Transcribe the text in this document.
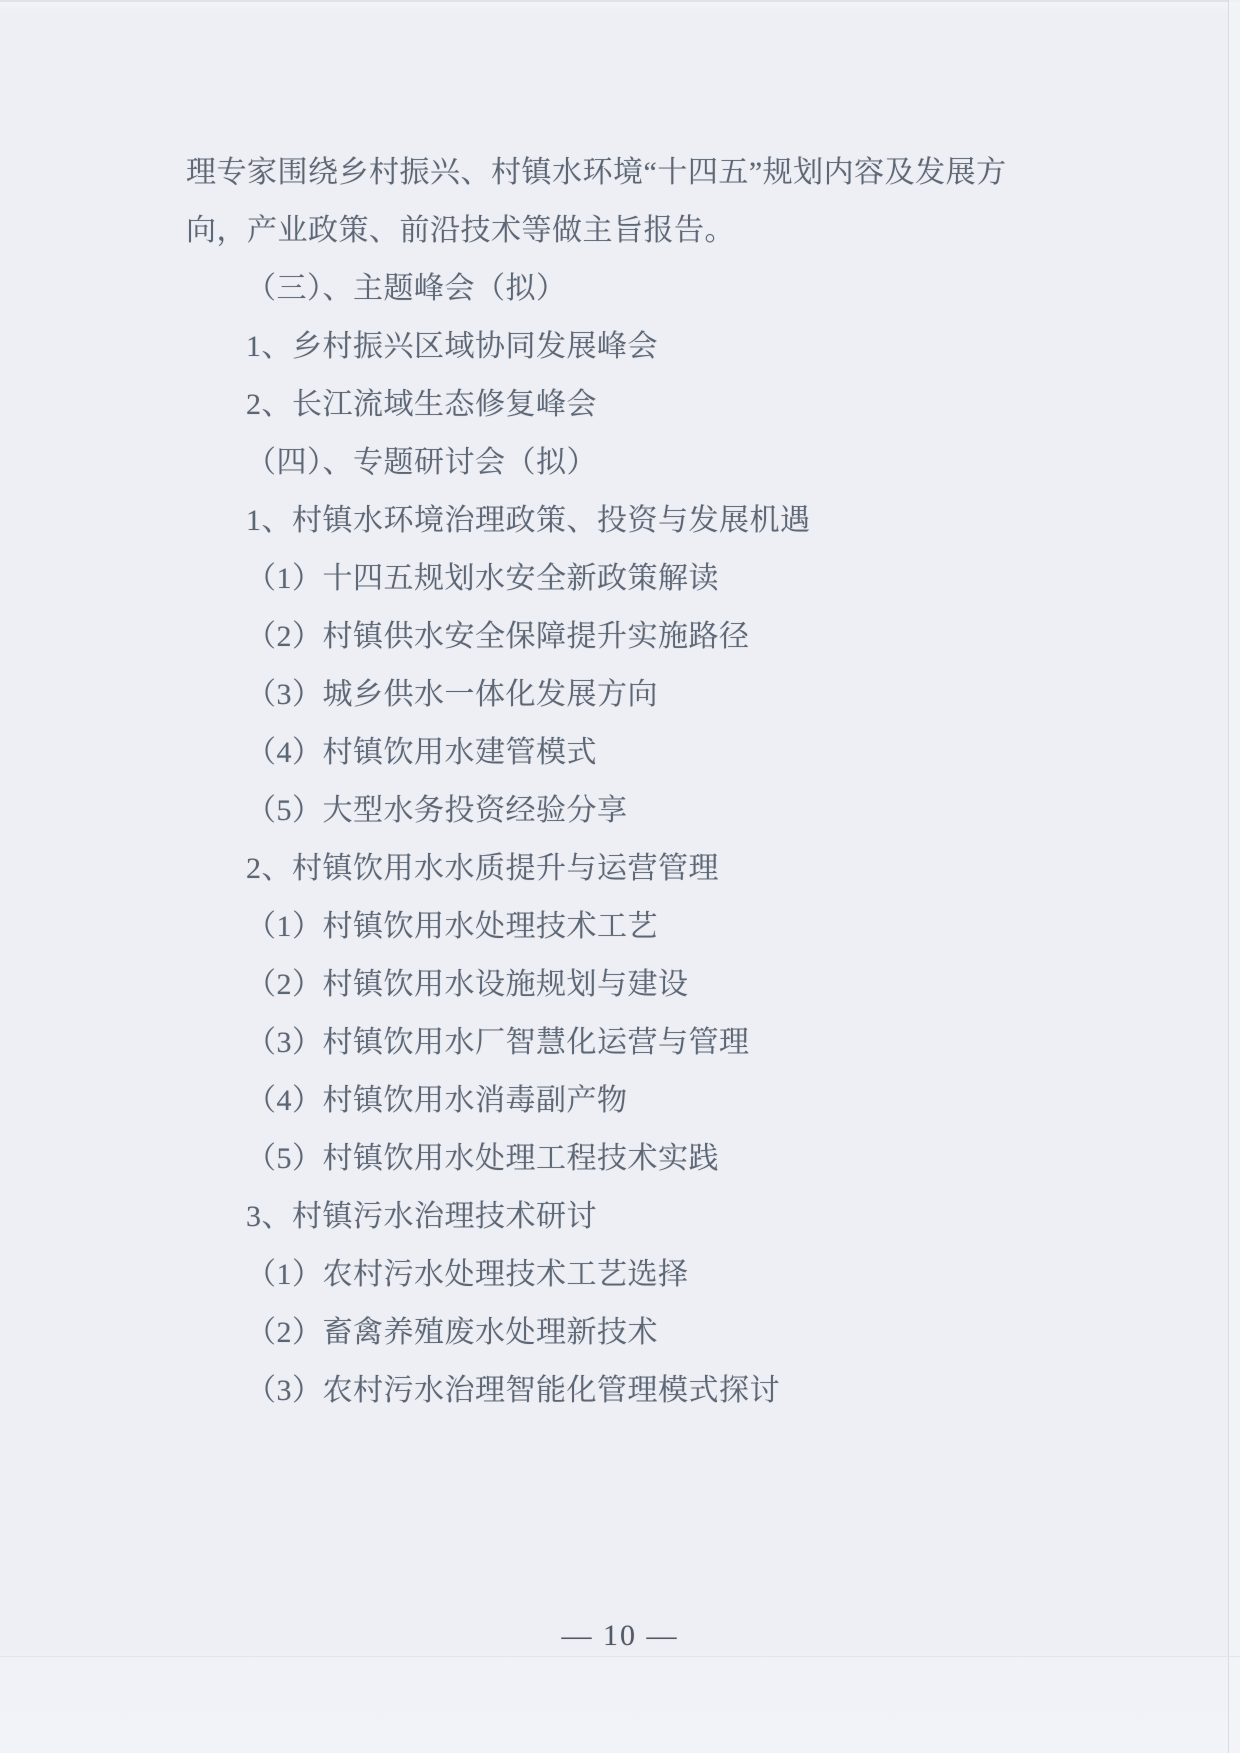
理专家围绕乡村振兴、村镇水环境“十四五”规划内容及发展方
向，产业政策、前沿技术等做主旨报告。
（三）、主题峰会（拟）
1、乡村振兴区域协同发展峰会
2、长江流域生态修复峰会
（四）、专题研讨会（拟）
1、村镇水环境治理政策、投资与发展机遇
（1）十四五规划水安全新政策解读
（2）村镇供水安全保障提升实施路径
（3）城乡供水一体化发展方向
（4）村镇饮用水建管模式
（5）大型水务投资经验分享
2、村镇饮用水水质提升与运营管理
（1）村镇饮用水处理技术工艺
（2）村镇饮用水设施规划与建设
（3）村镇饮用水厂智慧化运营与管理
（4）村镇饮用水消毒副产物
（5）村镇饮用水处理工程技术实践
3、村镇污水治理技术研讨
（1）农村污水处理技术工艺选择
（2）畜禽养殖废水处理新技术
（3）农村污水治理智能化管理模式探讨
— 10 —
